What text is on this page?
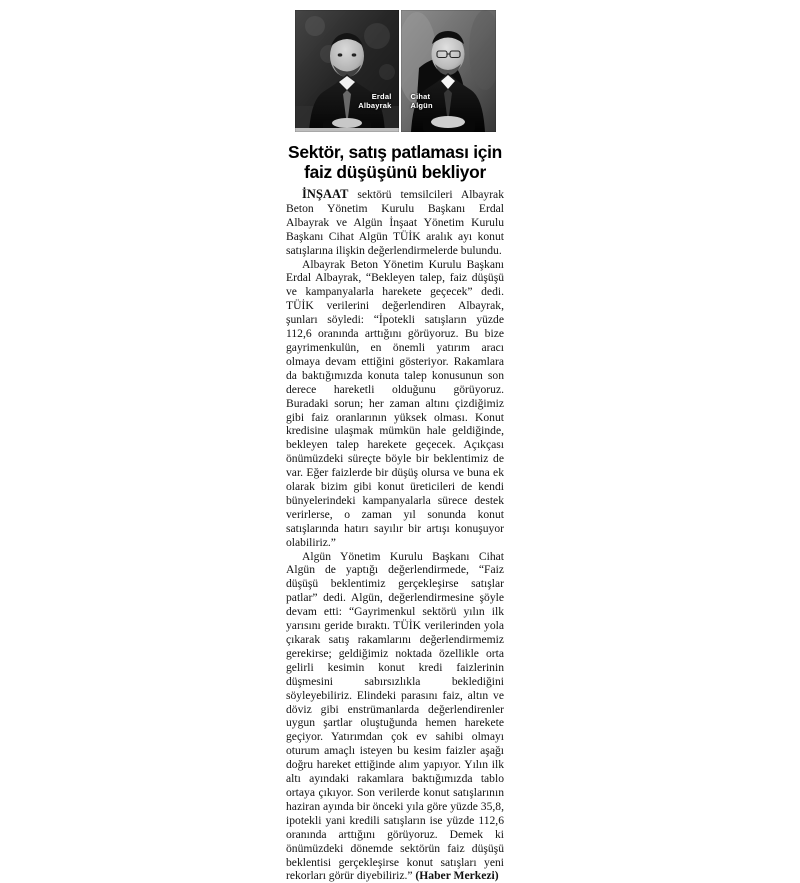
Erdal
Albayrak
Cihat
Algün
Sektör, satış patlaması için
faiz düşüşünü bekliyor

İNŞAAT sektörü temsilcileri Albayrak Beton Yönetim Kurulu Başkanı Erdal Albayrak ve Algün İnşaat Yönetim Kurulu Başkanı Cihat Algün TÜİK aralık ayı konut satışlarına ilişkin değerlendirmelerde bulundu.

Albayrak Beton Yönetim Kurulu Başkanı Erdal Albayrak, “Bekleyen talep, faiz düşüşü ve kampanyalarla harekete geçecek” dedi. TÜİK verilerini değerlendiren Albayrak, şunları söyledi: “İpotekli satışların yüzde 112,6 oranında arttığını görüyoruz. Bu bize gayrimenkulün, en önemli yatırım aracı olmaya devam ettiğini gösteriyor. Rakamlara da baktığımızda konuta talep konusunun son derece hareketli olduğunu görüyoruz. Buradaki sorun; her zaman altını çizdiğimiz gibi faiz oranlarının yüksek olması. Konut kredisine ulaşmak mümkün hale geldiğinde, bekleyen talep harekete geçecek. Açıkçası önümüzdeki süreçte böyle bir beklentimiz de var. Eğer faizlerde bir düşüş olursa ve buna ek olarak bizim gibi konut üreticileri de kendi bünyelerindeki kampanyalarla sürece destek verirlerse, o zaman yıl sonunda konut satışlarında hatırı sayılır bir artışı konuşuyor olabiliriz.”

Algün Yönetim Kurulu Başkanı Cihat Algün de yaptığı değerlendirmede, “Faiz düşüşü beklentimiz gerçekleşirse satışlar patlar” dedi. Algün, değerlendirmesine şöyle devam etti: “Gayrimenkul sektörü yılın ilk yarısını geride bıraktı. TÜİK verilerinden yola çıkarak satış rakamlarını değerlendirmemiz gerekirse; geldiğimiz noktada özellikle orta gelirli kesimin konut kredi faizlerinin düşmesini sabırsızlıkla beklediğini söyleyebiliriz. Elindeki parasını faiz, altın ve döviz gibi enstrümanlarda değerlendirenler uygun şartlar oluştuğunda hemen harekete geçiyor. Yatırımdan çok ev sahibi olmayı oturum amaçlı isteyen bu kesim faizler aşağı doğru hareket ettiğinde alım yapıyor. Yılın ilk altı ayındaki rakamlara baktığımızda tablo ortaya çıkıyor. Son verilerde konut satışlarının haziran ayında bir önceki yıla göre yüzde 35,8, ipotekli yani kredili satışların ise yüzde 112,6 oranında arttığını görüyoruz. Demek ki önümüzdeki dönemde sektörün faiz düşüşü beklentisi gerçekleşirse konut satışları yeni rekorları görür diyebiliriz.” (Haber Merkezi)
